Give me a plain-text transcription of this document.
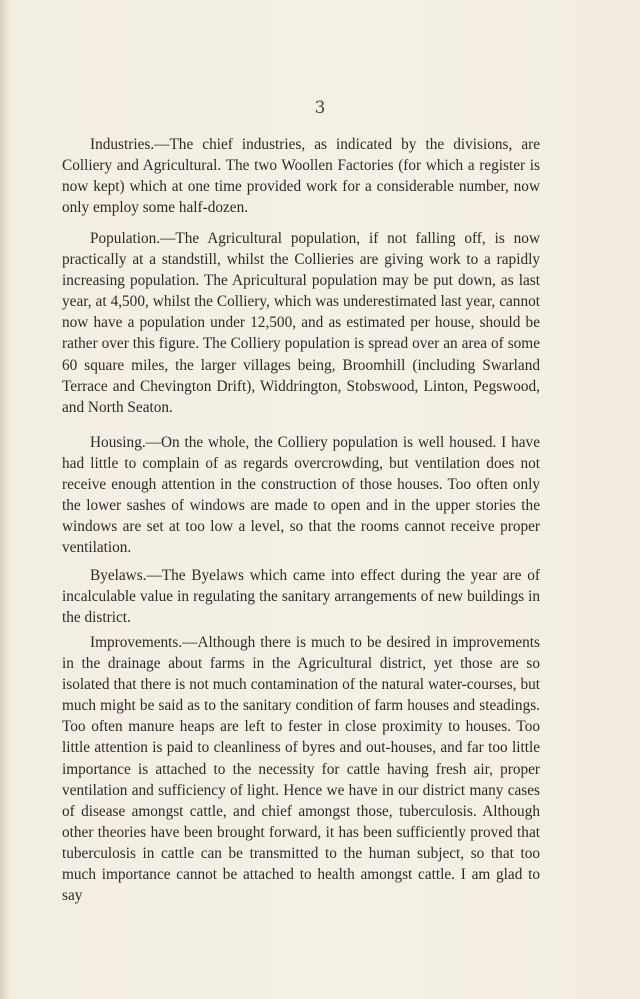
3

Industries.—The chief industries, as indicated by the divisions, are Colliery and Agricultural. The two Woollen Factories (for which a register is now kept) which at one time provided work for a considerable number, now only employ some half-dozen.

Population.—The Agricultural population, if not falling off, is now practically at a standstill, whilst the Collieries are giving work to a rapidly increasing population. The Apricultural population may be put down, as last year, at 4,500, whilst the Colliery, which was underestimated last year, cannot now have a population under 12,500, and as estimated per house, should be rather over this figure. The Colliery population is spread over an area of some 60 square miles, the larger villages being, Broomhill (including Swarland Terrace and Chevington Drift), Widdrington, Stobswood, Linton, Pegswood, and North Seaton.

Housing.—On the whole, the Colliery population is well housed. I have had little to complain of as regards overcrowding, but ventilation does not receive enough attention in the construction of those houses. Too often only the lower sashes of windows are made to open and in the upper stories the windows are set at too low a level, so that the rooms cannot receive proper ventilation.

Byelaws.—The Byelaws which came into effect during the year are of incalculable value in regulating the sanitary arrangements of new buildings in the district.

Improvements.—Although there is much to be desired in improvements in the drainage about farms in the Agricultural district, yet those are so isolated that there is not much contamination of the natural water-courses, but much might be said as to the sanitary condition of farm houses and steadings. Too often manure heaps are left to fester in close proximity to houses. Too little attention is paid to cleanliness of byres and out-houses, and far too little importance is attached to the necessity for cattle having fresh air, proper ventilation and sufficiency of light. Hence we have in our district many cases of disease amongst cattle, and chief amongst those, tuberculosis. Although other theories have been brought forward, it has been sufficiently proved that tuberculosis in cattle can be transmitted to the human subject, so that too much importance cannot be attached to health amongst cattle. I am glad to say
